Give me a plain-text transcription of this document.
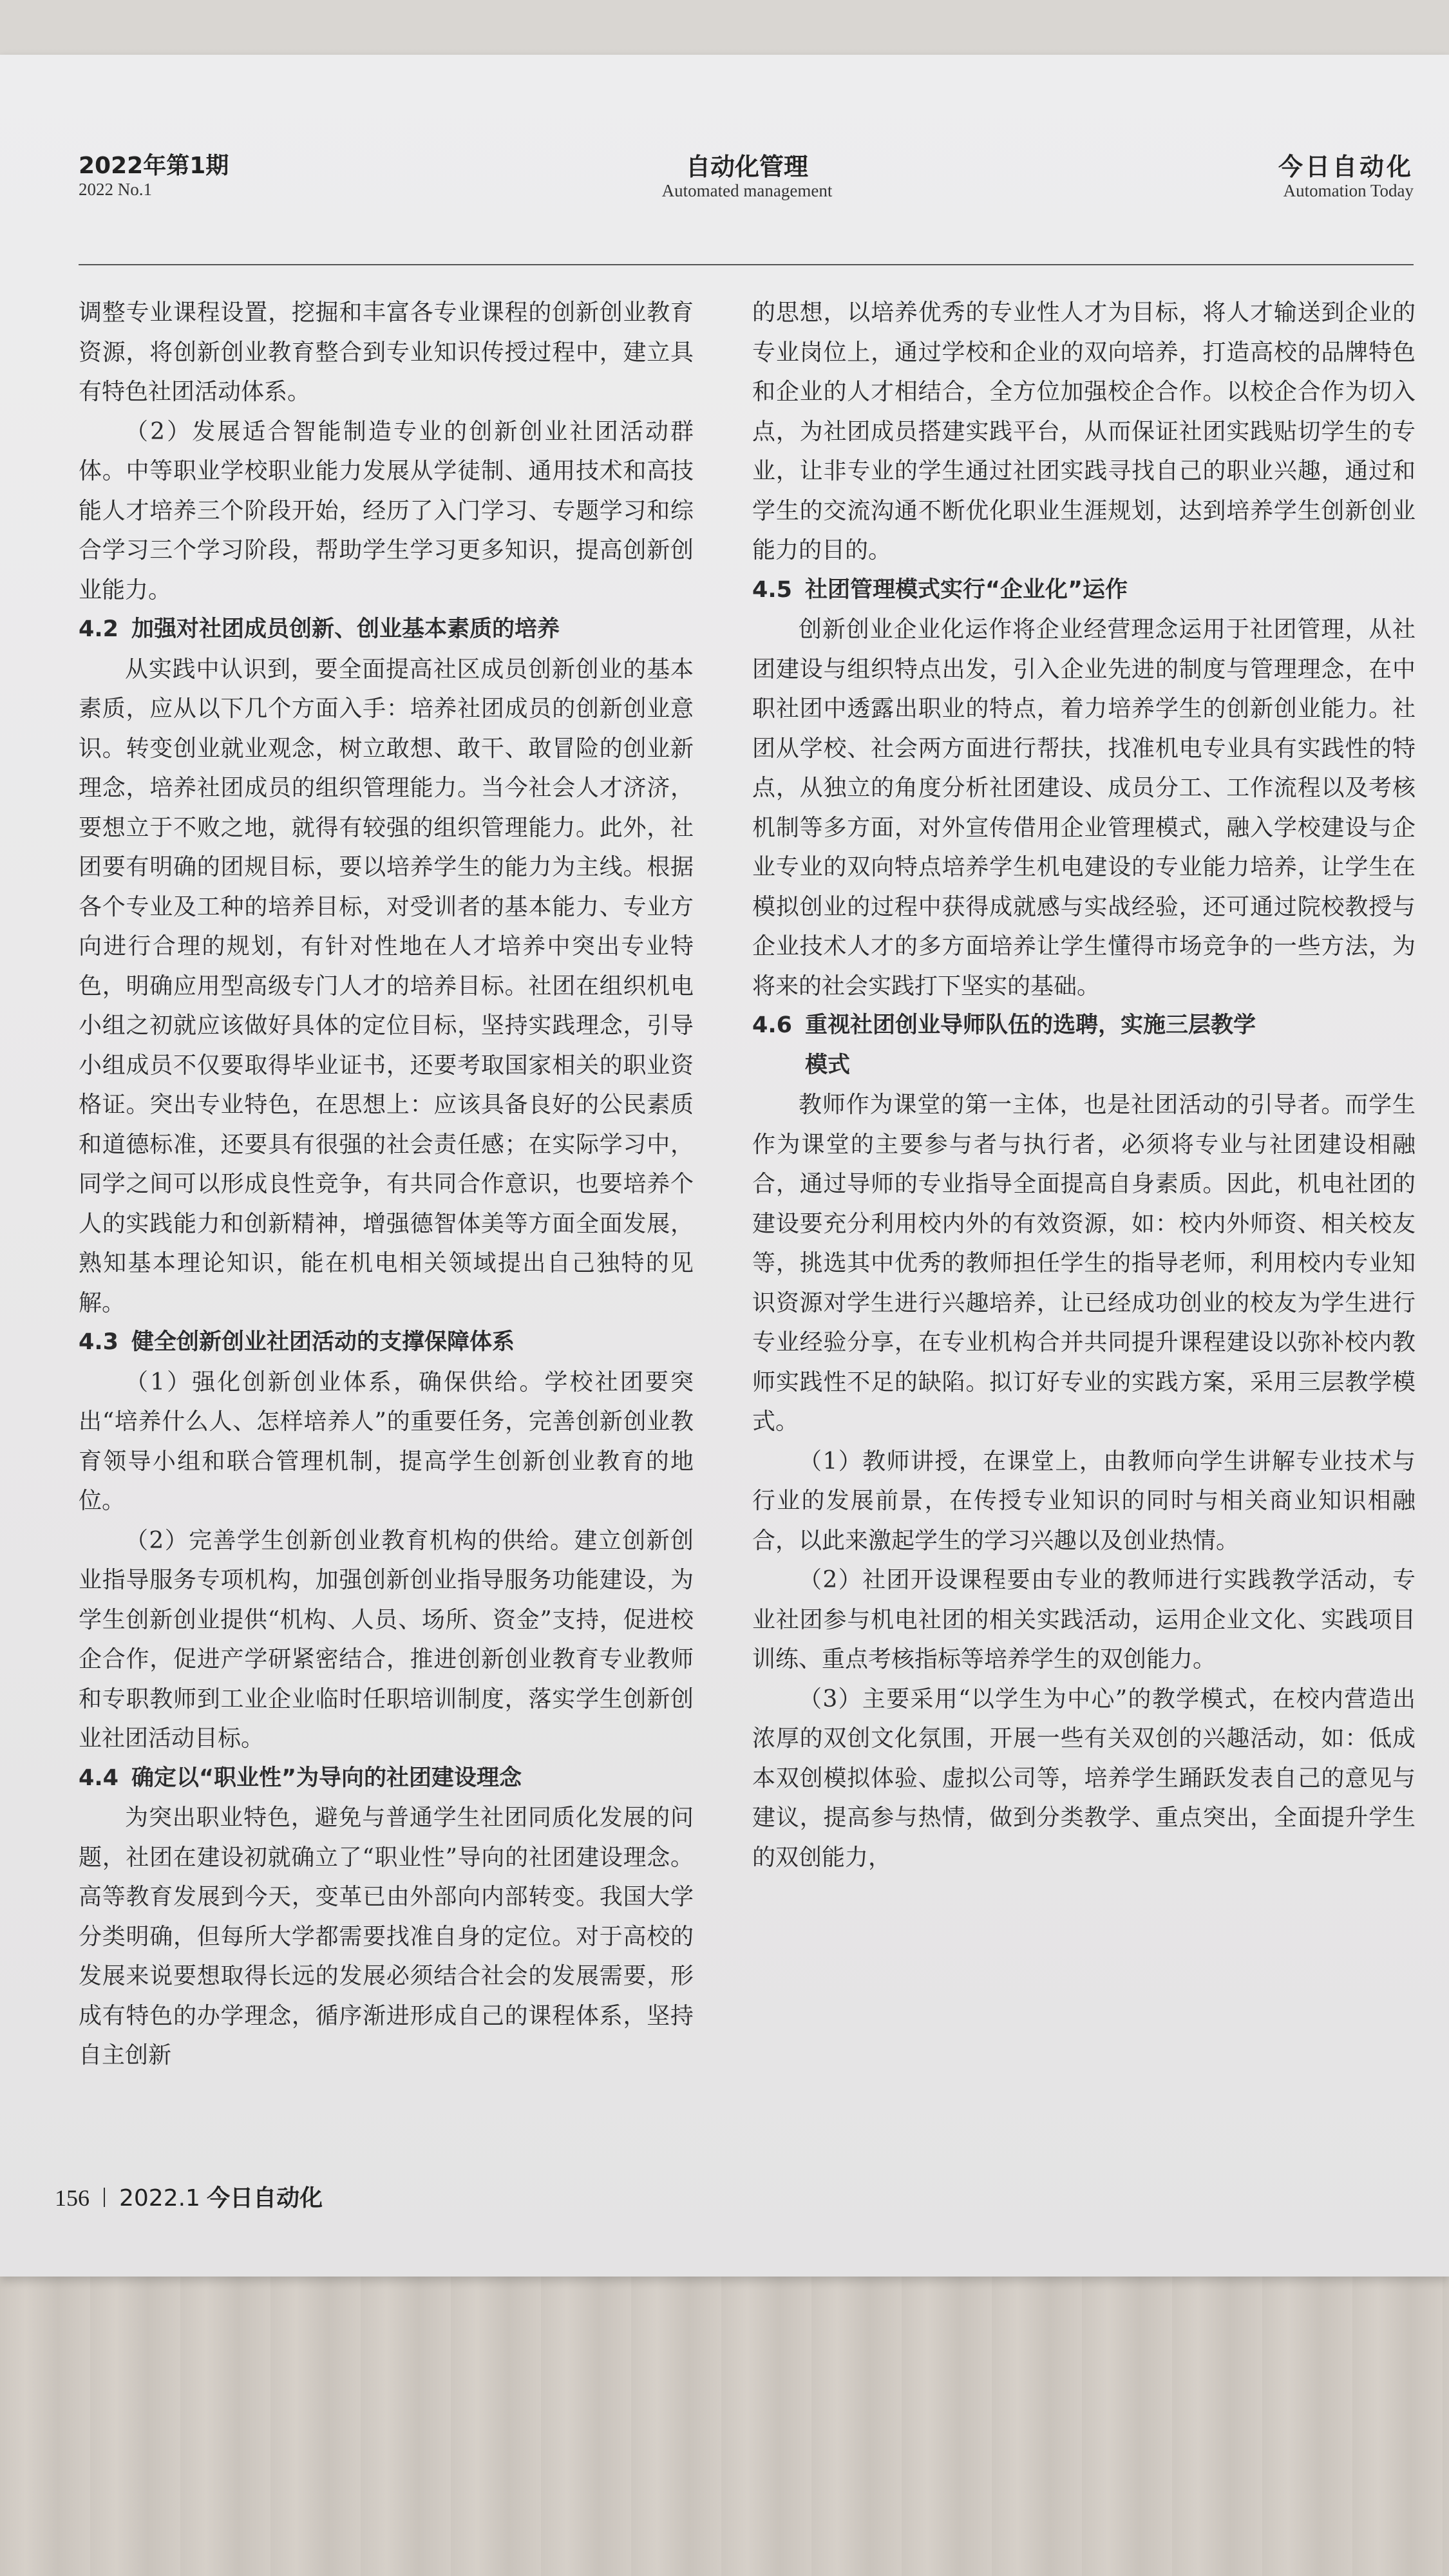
2022年第1期
2022 No.1
自动化管理
Automated management
今日自动化
Automation Today

调整专业课程设置，挖掘和丰富各专业课程的创新创业教育资源，将创新创业教育整合到专业知识传授过程中，建立具有特色社团活动体系。

（2）发展适合智能制造专业的创新创业社团活动群体。中等职业学校职业能力发展从学徒制、通用技术和高技能人才培养三个阶段开始，经历了入门学习、专题学习和综合学习三个学习阶段，帮助学生学习更多知识，提高创新创业能力。

4.2 加强对社团成员创新、创业基本素质的培养

从实践中认识到，要全面提高社区成员创新创业的基本素质，应从以下几个方面入手：培养社团成员的创新创业意识。转变创业就业观念，树立敢想、敢干、敢冒险的创业新理念，培养社团成员的组织管理能力。当今社会人才济济，要想立于不败之地，就得有较强的组织管理能力。此外，社团要有明确的团规目标，要以培养学生的能力为主线。根据各个专业及工种的培养目标，对受训者的基本能力、专业方向进行合理的规划，有针对性地在人才培养中突出专业特色，明确应用型高级专门人才的培养目标。社团在组织机电小组之初就应该做好具体的定位目标，坚持实践理念，引导小组成员不仅要取得毕业证书，还要考取国家相关的职业资格证。突出专业特色，在思想上：应该具备良好的公民素质和道德标准，还要具有很强的社会责任感；在实际学习中，同学之间可以形成良性竞争，有共同合作意识，也要培养个人的实践能力和创新精神，增强德智体美等方面全面发展，熟知基本理论知识，能在机电相关领域提出自己独特的见解。

4.3 健全创新创业社团活动的支撑保障体系

（1）强化创新创业体系，确保供给。学校社团要突出“培养什么人、怎样培养人”的重要任务，完善创新创业教育领导小组和联合管理机制，提高学生创新创业教育的地位。

（2）完善学生创新创业教育机构的供给。建立创新创业指导服务专项机构，加强创新创业指导服务功能建设，为学生创新创业提供“机构、人员、场所、资金”支持，促进校企合作，促进产学研紧密结合，推进创新创业教育专业教师和专职教师到工业企业临时任职培训制度，落实学生创新创业社团活动目标。

4.4 确定以“职业性”为导向的社团建设理念

为突出职业特色，避免与普通学生社团同质化发展的问题，社团在建设初就确立了“职业性”导向的社团建设理念。高等教育发展到今天，变革已由外部向内部转变。我国大学分类明确，但每所大学都需要找准自身的定位。对于高校的发展来说要想取得长远的发展必须结合社会的发展需要，形成有特色的办学理念，循序渐进形成自己的课程体系，坚持自主创新

的思想，以培养优秀的专业性人才为目标，将人才输送到企业的专业岗位上，通过学校和企业的双向培养，打造高校的品牌特色和企业的人才相结合，全方位加强校企合作。以校企合作为切入点，为社团成员搭建实践平台，从而保证社团实践贴切学生的专业，让非专业的学生通过社团实践寻找自己的职业兴趣，通过和学生的交流沟通不断优化职业生涯规划，达到培养学生创新创业能力的目的。

4.5 社团管理模式实行“企业化”运作

创新创业企业化运作将企业经营理念运用于社团管理，从社团建设与组织特点出发，引入企业先进的制度与管理理念，在中职社团中透露出职业的特点，着力培养学生的创新创业能力。社团从学校、社会两方面进行帮扶，找准机电专业具有实践性的特点，从独立的角度分析社团建设、成员分工、工作流程以及考核机制等多方面，对外宣传借用企业管理模式，融入学校建设与企业专业的双向特点培养学生机电建设的专业能力培养，让学生在模拟创业的过程中获得成就感与实战经验，还可通过院校教授与企业技术人才的多方面培养让学生懂得市场竞争的一些方法，为将来的社会实践打下坚实的基础。

4.6 重视社团创业导师队伍的选聘，实施三层教学
模式

教师作为课堂的第一主体，也是社团活动的引导者。而学生作为课堂的主要参与者与执行者，必须将专业与社团建设相融合，通过导师的专业指导全面提高自身素质。因此，机电社团的建设要充分利用校内外的有效资源，如：校内外师资、相关校友等，挑选其中优秀的教师担任学生的指导老师，利用校内专业知识资源对学生进行兴趣培养，让已经成功创业的校友为学生进行专业经验分享，在专业机构合并共同提升课程建设以弥补校内教师实践性不足的缺陷。拟订好专业的实践方案，采用三层教学模式。

（1）教师讲授，在课堂上，由教师向学生讲解专业技术与行业的发展前景，在传授专业知识的同时与相关商业知识相融合，以此来激起学生的学习兴趣以及创业热情。

（2）社团开设课程要由专业的教师进行实践教学活动，专业社团参与机电社团的相关实践活动，运用企业文化、实践项目训练、重点考核指标等培养学生的双创能力。

（3）主要采用“以学生为中心”的教学模式，在校内营造出浓厚的双创文化氛围，开展一些有关双创的兴趣活动，如：低成本双创模拟体验、虚拟公司等，培养学生踊跃发表自己的意见与建议，提高参与热情，做到分类教学、重点突出，全面提升学生的双创能力，

156 2022.1 今日自动化
